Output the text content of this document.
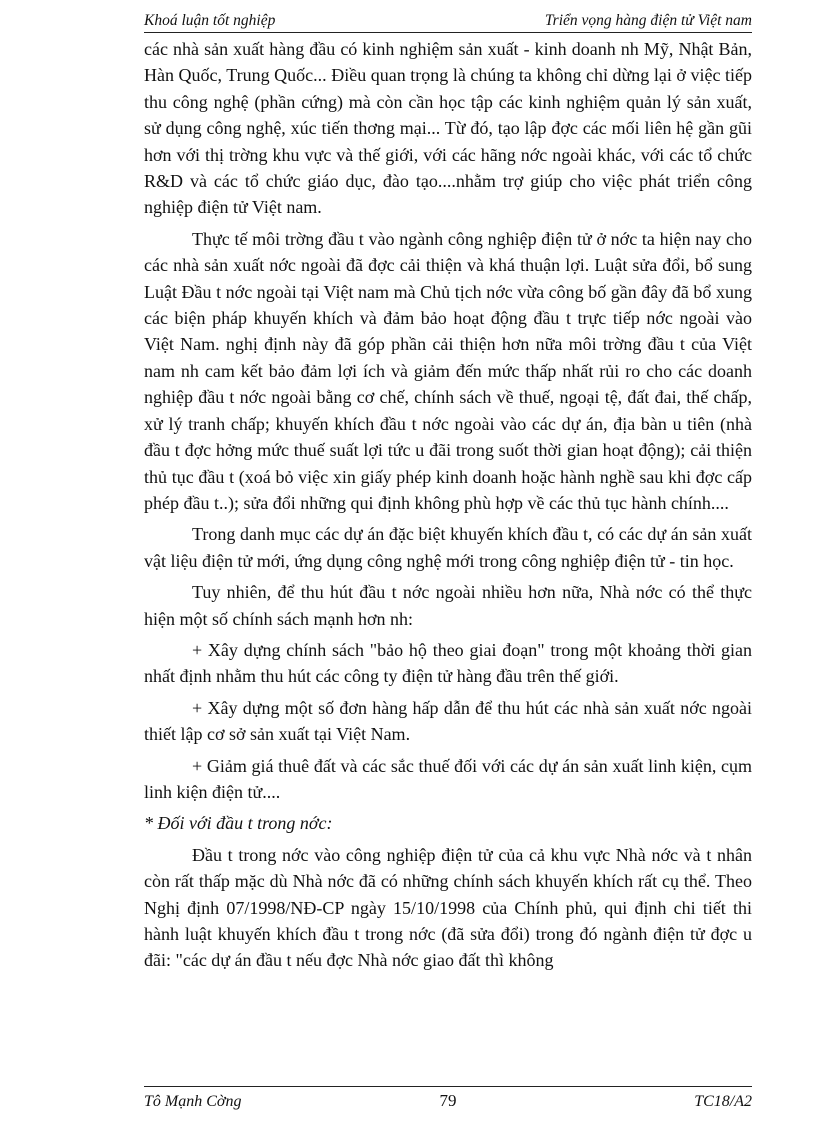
Khoá luận tốt nghiệp	Triển vọng hàng điện tử Việt nam

các nhà sản xuất hàng đầu có kinh nghiệm sản xuất - kinh doanh nh Mỹ, Nhật Bản, Hàn Quốc, Trung Quốc... Điều quan trọng là chúng ta không chỉ dừng lại ở việc tiếp thu công nghệ (phần cứng) mà còn cần học tập các kinh nghiệm quản lý sản xuất, sử dụng công nghệ, xúc tiến thơng mại... Từ đó, tạo lập đợc các mối liên hệ gần gũi hơn với thị trờng khu vực và thế giới, với các hãng nớc ngoài khác, với các tổ chức R&D và các tổ chức giáo dục, đào tạo....nhằm trợ giúp cho việc phát triển công nghiệp điện tử Việt nam.

Thực tế môi trờng đầu t vào ngành công nghiệp điện tử ở nớc ta hiện nay cho các nhà sản xuất nớc ngoài đã đợc cải thiện và khá thuận lợi. Luật sửa đổi, bổ sung Luật Đầu t nớc ngoài tại Việt nam mà Chủ tịch nớc vừa công bố gần đây đã bổ xung các biện pháp khuyến khích và đảm bảo hoạt động đầu t trực tiếp nớc ngoài vào Việt Nam. nghị định này đã góp phần cải thiện hơn nữa môi trờng đầu t của Việt nam nh cam kết bảo đảm lợi ích và giảm đến mức thấp nhất rủi ro cho các doanh nghiệp đầu t nớc ngoài bằng cơ chế, chính sách về thuế, ngoại tệ, đất đai, thế chấp, xử lý tranh chấp; khuyến khích đầu t nớc ngoài vào các dự án, địa bàn u tiên (nhà đầu t đợc hởng mức thuế suất lợi tức u đãi trong suốt thời gian hoạt động); cải thiện thủ tục đầu t (xoá bỏ việc xin giấy phép kinh doanh hoặc hành nghề sau khi đợc cấp phép đầu t..); sửa đổi những qui định không phù hợp về các thủ tục hành chính....

Trong danh mục các dự án đặc biệt khuyến khích đầu t, có các dự án sản xuất vật liệu điện tử mới, ứng dụng công nghệ mới trong công nghiệp điện tử - tin học.

Tuy nhiên, để thu hút đầu t nớc ngoài nhiều hơn nữa, Nhà nớc có thể thực hiện một số chính sách mạnh hơn nh:

+ Xây dựng chính sách "bảo hộ theo giai đoạn" trong một khoảng thời gian nhất định nhằm thu hút các công ty điện tử hàng đầu trên thế giới.

+ Xây dựng một số đơn hàng hấp dẫn để thu hút các nhà sản xuất nớc ngoài thiết lập cơ sở sản xuất tại Việt Nam.

+ Giảm giá thuê đất và các sắc thuế đối với các dự án sản xuất linh kiện, cụm linh kiện điện tử....

* Đối với đầu t trong nớc:

Đầu t trong nớc vào công nghiệp điện tử của cả khu vực Nhà nớc và t nhân còn rất thấp mặc dù Nhà nớc đã có những chính sách khuyến khích rất cụ thể. Theo Nghị định 07/1998/NĐ-CP ngày 15/10/1998 của Chính phủ, qui định chi tiết thi hành luật khuyến khích đầu t trong nớc (đã sửa đổi) trong đó ngành điện tử đợc u đãi: "các dự án đầu t nếu đợc Nhà nớc giao đất thì không

Tô Mạnh Cờng	79	TC18/A2
